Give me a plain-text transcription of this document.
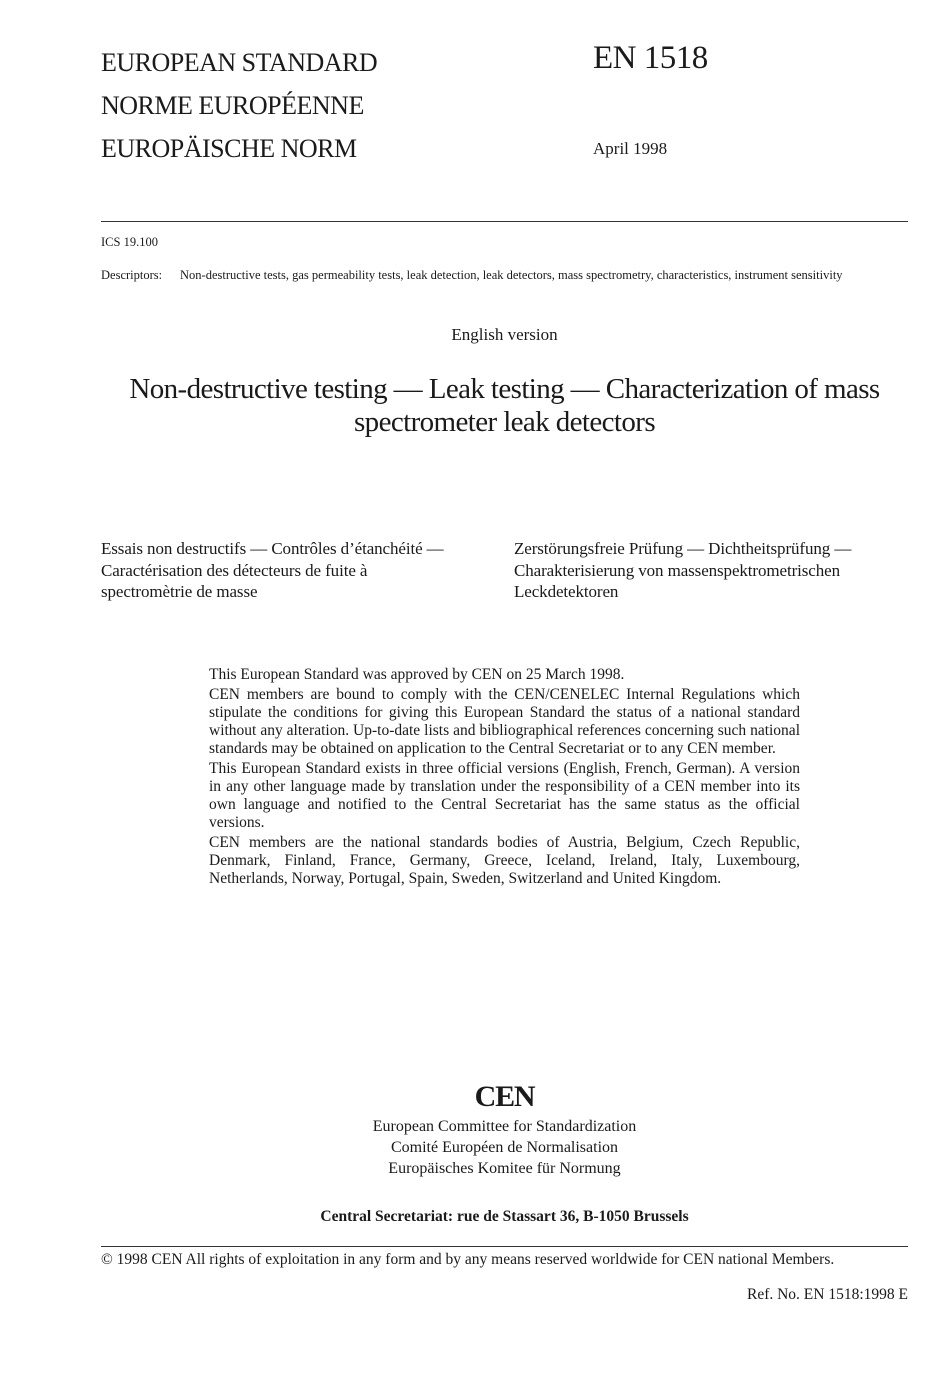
EUROPEAN STANDARD
NORME EUROPÉENNE
EUROPÄISCHE NORM
EN 1518
April 1998
ICS 19.100
Descriptors:	Non-destructive tests, gas permeability tests, leak detection, leak detectors, mass spectrometry, characteristics, instrument sensitivity
English version
Non-destructive testing — Leak testing — Characterization of mass
spectrometer leak detectors
Essais non destructifs — Contrôles d’étanchéité —
Caractérisation des détecteurs de fuite à
spectromètrie de masse
Zerstörungsfreie Prüfung — Dichtheitsprüfung —
Charakterisierung von massenspektrometrischen
Leckdetektoren

This European Standard was approved by CEN on 25 March 1998.

CEN members are bound to comply with the CEN/CENELEC Internal Regulations which stipulate the conditions for giving this European Standard the status of a national standard without any alteration. Up-to-date lists and bibliographical references concerning such national standards may be obtained on application to the Central Secretariat or to any CEN member.

This European Standard exists in three official versions (English, French, German). A version in any other language made by translation under the responsibility of a CEN member into its own language and notified to the Central Secretariat has the same status as the official versions.

CEN members are the national standards bodies of Austria, Belgium, Czech Republic, Denmark, Finland, France, Germany, Greece, Iceland, Ireland, Italy, Luxembourg, Netherlands, Norway, Portugal, Spain, Sweden, Switzerland and United Kingdom.

CEN
European Committee for Standardization
Comité Européen de Normalisation
Europäisches Komitee für Normung
Central Secretariat: rue de Stassart 36, B-1050 Brussels
© 1998 CEN All rights of exploitation in any form and by any means reserved worldwide for CEN national Members.
Ref. No. EN 1518:1998 E
